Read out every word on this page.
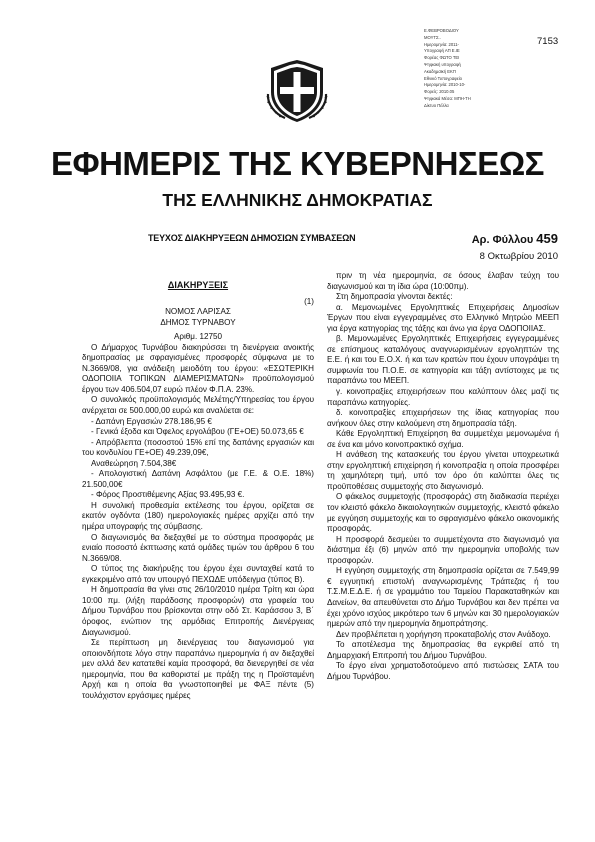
Ε.ΦΕΒΡΟΒΟΔΙΟΥ
ΜΟΥΤΣ..
Ημερομηνία: 2011-
Υπογραφή ΑΠ Ε.ΙΕ
Φορέας ΦΩΤΟ ΤΕΙ
Ψηφιακή υπογραφή
Ακαδημαϊκή ΕΚΠ
Εθνικό Τυπογραφείο
Ημερομηνία: 2010-10-
Φορείς: 2010.05
Ψηφιακά Μέσα: ΜΠΗ-ΤΗ
Δίκτυο Πέλλα
7153
ΕΦΗΜΕΡΙΣ ΤΗΣ ΚΥΒΕΡΝΗΣΕΩΣ
ΤΗΣ ΕΛΛΗΝΙΚΗΣ ΔΗΜΟΚΡΑΤΙΑΣ
ΤΕΥΧΟΣ ΔΙΑΚΗΡΥΞΕΩΝ ΔΗΜΟΣΙΩΝ ΣΥΜΒΑΣΕΩΝ	Αρ. Φύλλου 459
8 Οκτωβρίου 2010
ΔΙΑΚΗΡΥΞΕΙΣ

(1)

ΝΟΜΟΣ ΛΑΡΙΣΑΣ

ΔΗΜΟΣ ΤΥΡΝΑΒΟΥ

Αριθμ. 12750

Ο Δήμαρχος Τυρνάβου διακηρύσσει τη διενέργεια ανοικτής δημοπρασίας με σφραγισμένες προσφορές σύμφωνα με το Ν.3669/08, για ανάδειξη μειοδότη του έργου: «ΕΣΩΤΕΡΙΚΗ ΟΔΟΠΟΙΙΑ ΤΟΠΙΚΩΝ ΔΙΑΜΕΡΙΣΜΑΤΩΝ» προϋπολογισμού έργου των 406.504,07 ευρώ πλέον Φ.Π.Α. 23%.

Ο συνολικός προϋπολογισμός Μελέτης/Υπηρεσίας του έργου ανέρχεται σε 500.000,00 ευρώ και αναλύεται σε:

- Δαπάνη Εργασιών 278.186,95 €

- Γενικά έξοδα και Όφελος εργολάβου (ΓΕ+ΟΕ) 50.073,65 €

- Απρόβλεπτα (ποσοστού 15% επί της δαπάνης εργασιών και του κονδυλίου ΓΕ+ΟΕ) 49.239,09€,

Αναθεώρηση 7.504,38€

- Απολογιστική Δαπάνη Ασφάλτου (με Γ.Ε. & Ο.Ε. 18%) 21.500,00€

- Φόρος Προστιθέμενης Αξίας 93.495,93 €.

Η συνολική προθεσμία εκτέλεσης του έργου, ορίζεται σε εκατόν ογδόντα (180) ημερολογιακές ημέρες αρχίζει από την ημέρα υπογραφής της σύμβασης.

Ο διαγωνισμός θα διεξαχθεί με το σύστημα προσφοράς με ενιαίο ποσοστό έκπτωσης κατά ομάδες τιμών του άρθρου 6 του Ν.3669/08.

Ο τύπος της διακήρυξης του έργου έχει συνταχθεί κατά το εγκεκριμένο από τον υπουργό ΠΕΧΩΔΕ υπόδειγμα (τύπος Β).

Η δημοπρασία θα γίνει στις 26/10/2010 ημέρα Τρίτη και ώρα 10:00 πμ. (λήξη παράδοσης προσφορών) στα γραφεία του Δήμου Τυρνάβου που βρίσκονται στην οδό Στ. Καράσσου 3, Β΄ όροφος, ενώπιον της αρμόδιας Επιτροπής Διενέργειας Διαγωνισμού.

Σε περίπτωση μη διενέργειας του διαγωνισμού για οποιονδήποτε λόγο στην παραπάνω ημερομηνία ή αν διεξαχθεί μεν αλλά δεν κατατεθεί καμία προσφορά, θα διενεργηθεί σε νέα ημερομηνία, που θα καθοριστεί με πράξη της η Προϊσταμένη Αρχή και η οποία θα γνωστοποιηθεί με ΦΑΞ πέντε (5) τουλάχιστον εργάσιμες ημέρες

πριν τη νέα ημερομηνία, σε όσους έλαβαν τεύχη του διαγωνισμού και τη ίδια ώρα (10:00πμ).

Στη δημοπρασία γίνονται δεκτές:

α. Μεμονωμένες Εργοληπτικές Επιχειρήσεις Δημοσίων Έργων που είναι εγγεγραμμένες στο Ελληνικό Μητρώο ΜΕΕΠ για έργα κατηγορίας της τάξης και άνω για έργα ΟΔΟΠΟΙΙΑΣ.

β. Μεμονωμένες Εργοληπτικές Επιχειρήσεις εγγεγραμμένες σε επίσημους καταλόγους αναγνωρισμένων εργοληπτών της Ε.Ε. ή και του Ε.Ο.Χ. ή και των κρατών που έχουν υπογράψει τη συμφωνία του Π.Ο.Ε. σε κατηγορία και τάξη αντίστοιχες με τις παραπάνω του ΜΕΕΠ.

γ. κοινοπραξίες επιχειρήσεων που καλύπτουν όλες μαζί τις παραπάνω κατηγορίες.

δ. κοινοπραξίες επιχειρήσεων της ίδιας κατηγορίας που ανήκουν όλες στην καλούμενη στη δημοπρασία τάξη.

Κάθε Εργοληπτική Επιχείρηση θα συμμετέχει μεμονωμένα ή σε ένα και μόνο κοινοπρακτικό σχήμα.

Η ανάθεση της κατασκευής του έργου γίνεται υποχρεωτικά στην εργοληπτική επιχείρηση ή κοινοπραξία η οποία προσφέρει τη χαμηλότερη τιμή, υπό τον όρο ότι καλύπτει όλες τις προϋποθέσεις συμμετοχής στο διαγωνισμό.

Ο φάκελος συμμετοχής (προσφοράς) στη διαδικασία περιέχει τον κλειστό φάκελο δικαιολογητικών συμμετοχής, κλειστό φάκελο με εγγύηση συμμετοχής και το σφραγισμένο φάκελο οικονομικής προσφοράς.

Η προσφορά δεσμεύει το συμμετέχοντα στο διαγωνισμό για διάστημα έξι (6) μηνών από την ημερομηνία υποβολής των προσφορών.

Η εγγύηση συμμετοχής στη δημοπρασία ορίζεται σε 7.549,99 € εγγυητική επιστολή αναγνωρισμένης Τράπεζας ή του Τ.Σ.Μ.Ε.Δ.Ε. ή σε γραμμάτιο του Ταμείου Παρακαταθηκών και Δανείων, θα απευθύνεται στο Δήμο Τυρνάβου και δεν πρέπει να έχει χρόνο ισχύος μικρότερο των 6 μηνών και 30 ημερολογιακών ημερών από την ημερομηνία δημοπράτησης.

Δεν προβλέπεται η χορήγηση προκαταβολής στον Ανάδοχο.

Το αποτέλεσμα της δημοπρασίας θα εγκριθεί από τη Δημαρχιακή Επιτροπή του Δήμου Τυρνάβου.

Το έργο είναι χρηματοδοτούμενο από πιστώσεις ΣΑΤΑ του Δήμου Τυρνάβου.
